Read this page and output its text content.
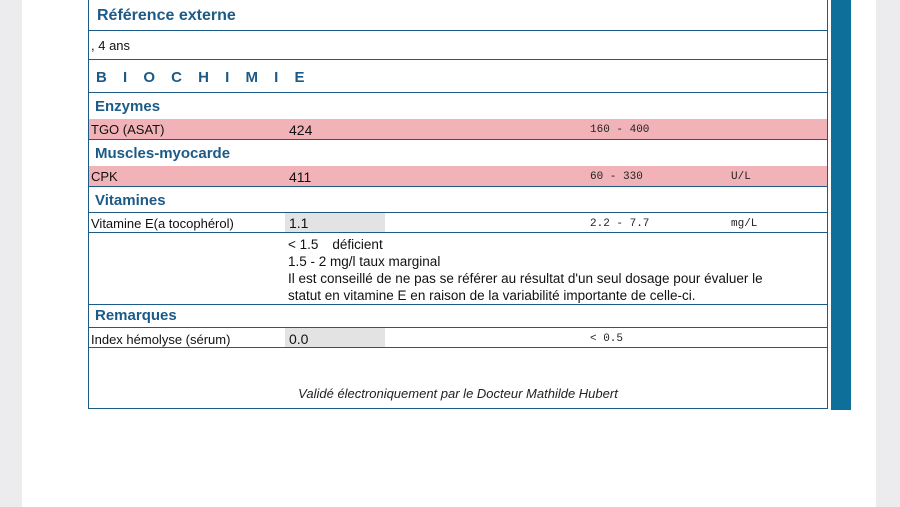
Référence externe
, 4 ans
B I O C H I M I E
Enzymes
TGO (ASAT)	424	160 - 400
Muscles-myocarde
CPK	411	60 - 330	U/L
Vitamines
Vitamine E(a tocophérol)	1.1	2.2 - 7.7	mg/L
< 1.5 déficient
1.5 - 2 mg/l taux marginal
Il est conseillé de ne pas se référer au résultat d'un seul dosage pour évaluer le
statut en vitamine E en raison de la variabilité importante de celle-ci.
Remarques
Index hémolyse (sérum)	0.0	< 0.5
Validé électroniquement par le Docteur Mathilde Hubert
